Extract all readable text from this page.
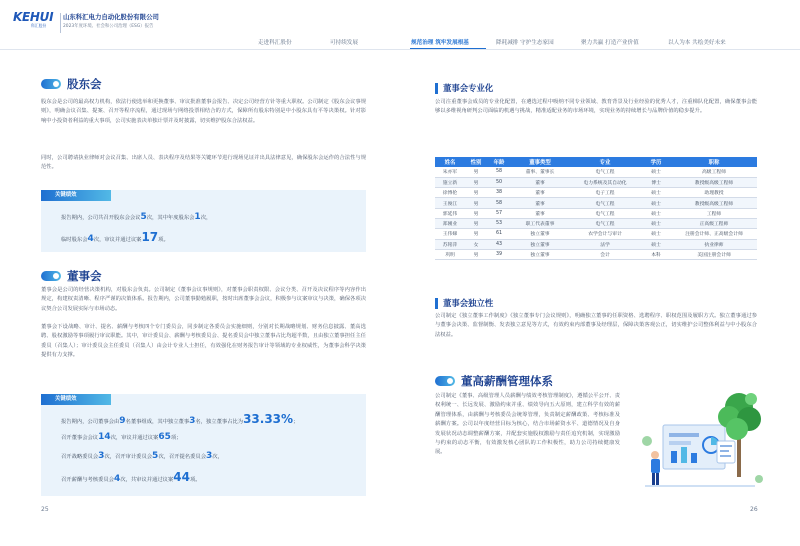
KEHUI
科汇股份
山东科汇电力自动化股份有限公司
2023年度环境、社会和公司治理（ESG）报告
走进科汇股份	可持续发展	规范治理 筑牢发展根基	降耗减排 守护生态家园	聚力共赢 打造产业价值	以人为本 共绘美好未来
股东会

股东会是公司的最高权力机构，依法行使选举和更换董事、审议批准董事会报告、决定公司经营方针等重大职权。公司制定《股东会议事规则》，明确会议召集、提案、召开等程序流程，通过现场与网络投票相结合的方式，保障所有股东特别是中小股东具有平等决策权。针对影响中小投资者利益的重大事项，公司实施表决单独计票并及时披露，切实维护股东合法权益。

同时，公司聘请执业律师对会议召集、出席人员、表决程序及结果等关键环节进行现场见证并出具法律意见，确保股东会运作的合法性与规范性。

关键绩效
报告期内，公司共召开股东会会议5次，其中年度股东会1次，
临时股东会4次，审议并通过议案17项。
董事会

董事会是公司的经营决策机构，对股东会负责。公司制定《董事会议事规则》，对董事会职责权限、会议分类、召开及决议程序等内容作出规定，构建权责清晰、程序严谨的决策体系。报告期内，公司董事勤勉履职，按时出席董事会会议，积极参与议案审议与决策，确保各项决议契合公司发展实际与市场动态。

董事会下设战略、审计、提名、薪酬与考核四个专门委员会，同步制定各委员会实施细则，分别对长期战略规划、财务信息披露、董高选聘、股权激励等事项履行审议职能。其中，审计委员会、薪酬与考核委员会、提名委员会中独立董事占比均超半数，且由独立董事担任主任委员（召集人）；审计委员会主任委员（召集人）由会计专业人士担任，有效强化在财务报告审计等领域的专业权威性，为董事会科学决策提供有力支撑。

关键绩效
报告期内，公司董事会由9名董事组成，其中独立董事3名，独立董事占比为33.33%；
召开董事会会议14次，审议并通过议案65项；
召开战略委员会3次，召开审计委员会5次，召开提名委员会3次，
召开薪酬与考核委员会4次，共审议并通过议案44项。
25
董事会专业化

公司注重董事会成员的专业化配置，在遴选过程中吸纳不同专业领域、教育背景及行业经验的优秀人才，注重梯队化配置，确保董事会能够以多维视角研判公司面临的机遇与挑战，精准适配业务的市场环境，实现业务的持续增长与品牌价值的稳步提升。

姓名	性别	年龄	董事类型	专业	学历	职称
朱亦军	男	58	董事、董事长	电气工程	硕士	高级工程师
施立新	男	50	董事	电力系统及其自动化	博士	教授级高级工程师
徐博伦	男	38	董事	电子工程	硕士	助理教授
王俊江	男	58	董事	电气工程	硕士	教授级高级工程师
郭延伟	男	57	董事	电气工程	硕士	工程师
郑刚业	男	53	职工代表董事	电气工程	硕士	正高级工程师
王伟娣	男	61	独立董事	农学会计与审计	硕士	注册会计师、正高级会计师
苏铭萍	女	43	独立董事	法学	硕士	执业律师
巩明	男	39	独立董事	会计	本科	美国注册会计师
董事会独立性

公司制定《独立董事工作制度》《独立董事专门会议规则》，明确独立董事的任职资格、选聘程序、职权范围及履职方式。独立董事通过参与董事会决策、监督制衡、发表独立意见等方式，有效约束内部董事及经理层，保障决策客观公正，切实维护公司整体利益与中小股东合法权益。

董高薪酬管理体系

公司制定《董事、高级管理人员薪酬与绩效考核管理制度》，遵循公平公开、责权利统一、长远发展、激励约束并重、绩效导向五大原则，建立科学有效的薪酬管理体系，由薪酬与考核委员会统筹管理，负责制定薪酬政策、考核标准及薪酬方案。公司以年度经营目标为核心，结合市场薪资水平、道德情况及自身发展状况动态调整薪酬方案，并配套实施股权激励与责任追究机制，实现激励与约束的动态平衡，有效激发核心团队的工作积极性，助力公司持续健康发展。

26
